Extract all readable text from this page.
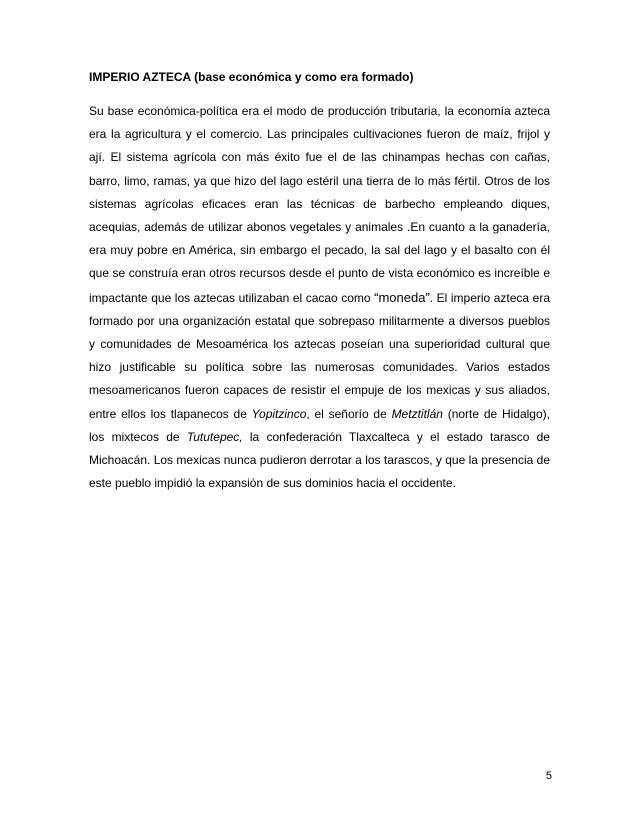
IMPERIO AZTECA (base económica y como era formado)

Su base económica-política era el modo de producción tributaria, la economía azteca era la agricultura y el comercio. Las principales cultivaciones fueron de maíz, frijol y ají. El sistema agrícola con más éxito fue el de las chinampas hechas con cañas, barro, limo, ramas, ya que hizo del lago estéril una tierra de lo más fértil. Otros de los sistemas agrícolas eficaces eran las técnicas de barbecho empleando diques, acequias, además de utilizar abonos vegetales y animales .En cuanto a la ganadería, era muy pobre en América, sin embargo el pecado, la sal del lago y el basalto con él que se construía eran otros recursos desde el punto de vista económico es increíble e impactante que los aztecas utilizaban el cacao como “moneda”. El imperio azteca era formado por una organización estatal que sobrepaso militarmente a diversos pueblos y comunidades de Mesoamérica los aztecas poseían una superioridad cultural que hizo justificable su política sobre las numerosas comunidades. Varios estados mesoamericanos fueron capaces de resistir el empuje de los mexicas y sus aliados, entre ellos los tlapanecos de Yopitzinco, el señorío de Metztitlán (norte de Hidalgo), los mixtecos de Tututepec, la confederación Tlaxcalteca y el estado tarasco de Michoacán. Los mexicas nunca pudieron derrotar a los tarascos, y que la presencia de este pueblo impidió la expansión de sus dominios hacia el occidente.

5
